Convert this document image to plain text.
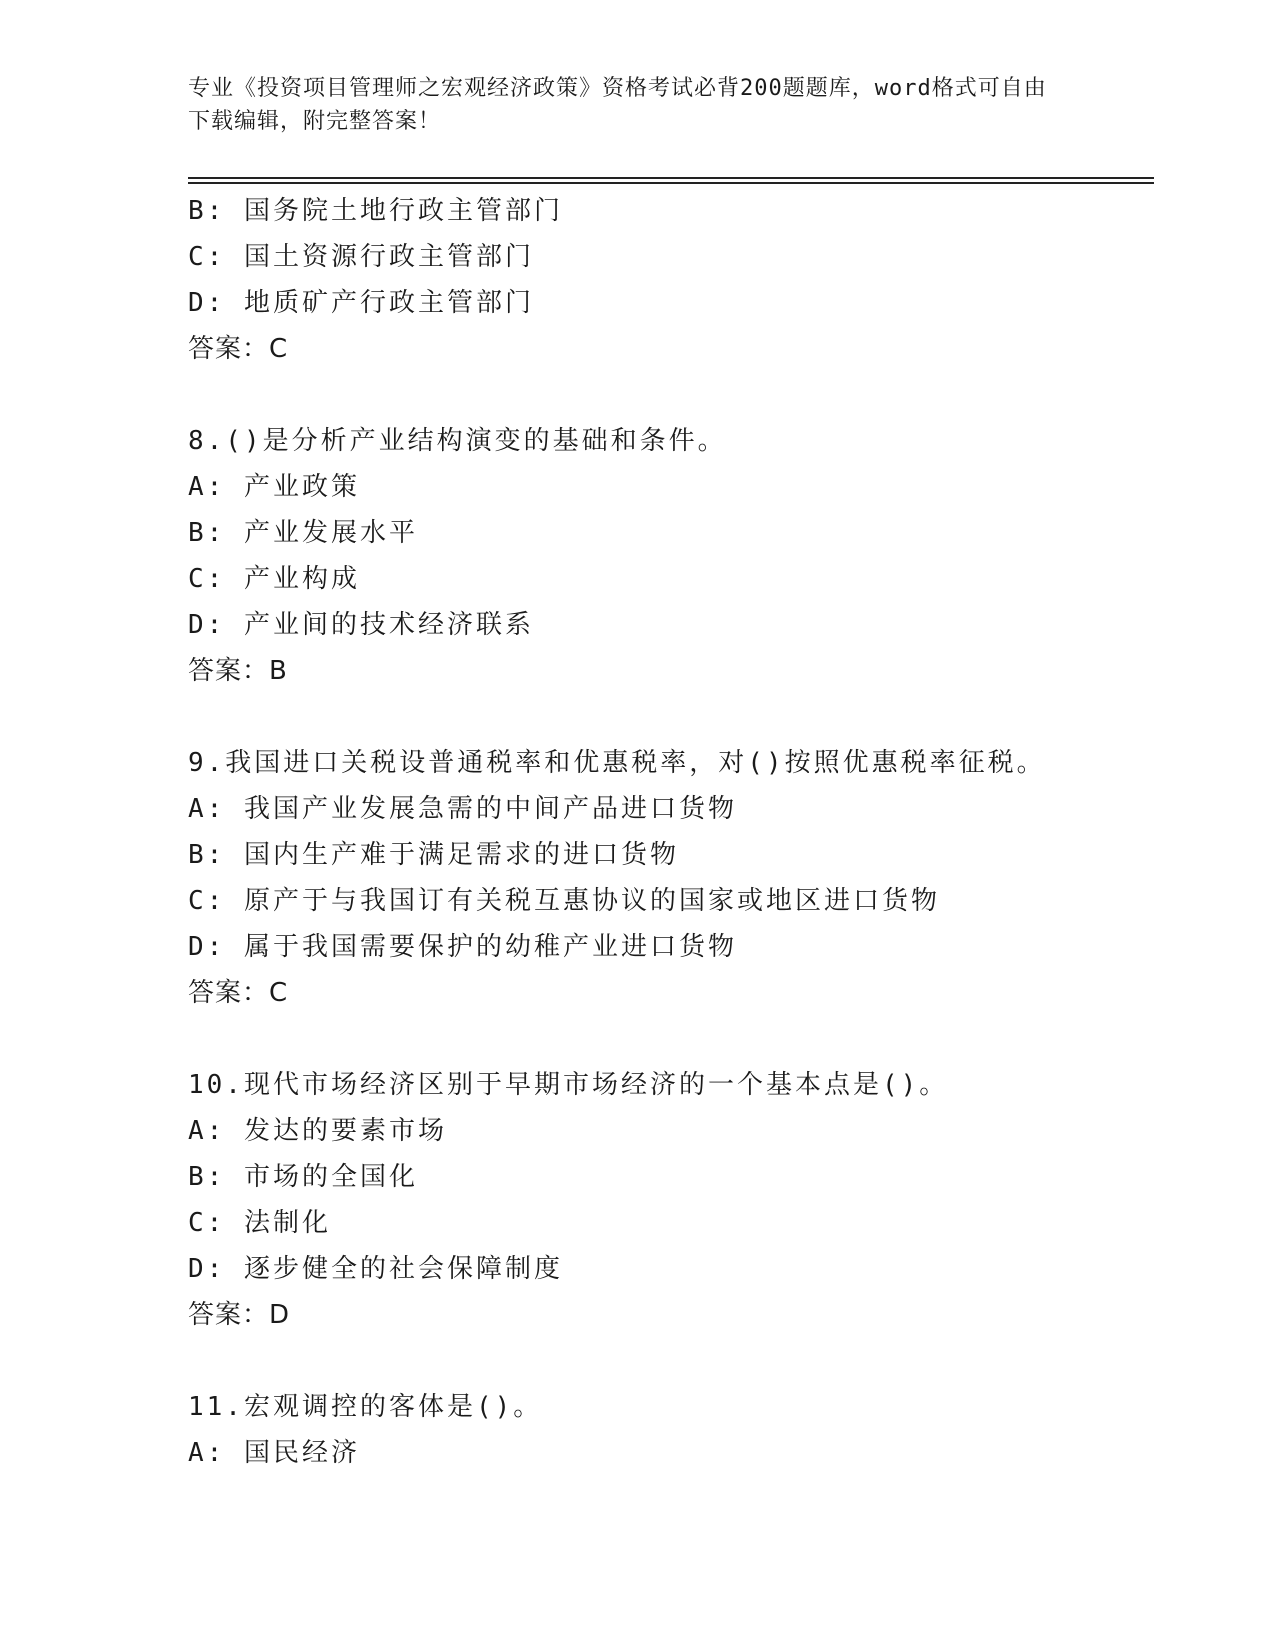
专业《投资项目管理师之宏观经济政策》资格考试必背200题题库，word格式可自由下载编辑，附完整答案！
B: 国务院土地行政主管部门
C: 国土资源行政主管部门
D: 地质矿产行政主管部门
答案：C
8.()是分析产业结构演变的基础和条件。
A: 产业政策
B: 产业发展水平
C: 产业构成
D: 产业间的技术经济联系
答案：B
9.我国进口关税设普通税率和优惠税率，对()按照优惠税率征税。
A: 我国产业发展急需的中间产品进口货物
B: 国内生产难于满足需求的进口货物
C: 原产于与我国订有关税互惠协议的国家或地区进口货物
D: 属于我国需要保护的幼稚产业进口货物
答案：C
10.现代市场经济区别于早期市场经济的一个基本点是()。
A: 发达的要素市场
B: 市场的全国化
C: 法制化
D: 逐步健全的社会保障制度
答案：D
11.宏观调控的客体是()。
A: 国民经济
